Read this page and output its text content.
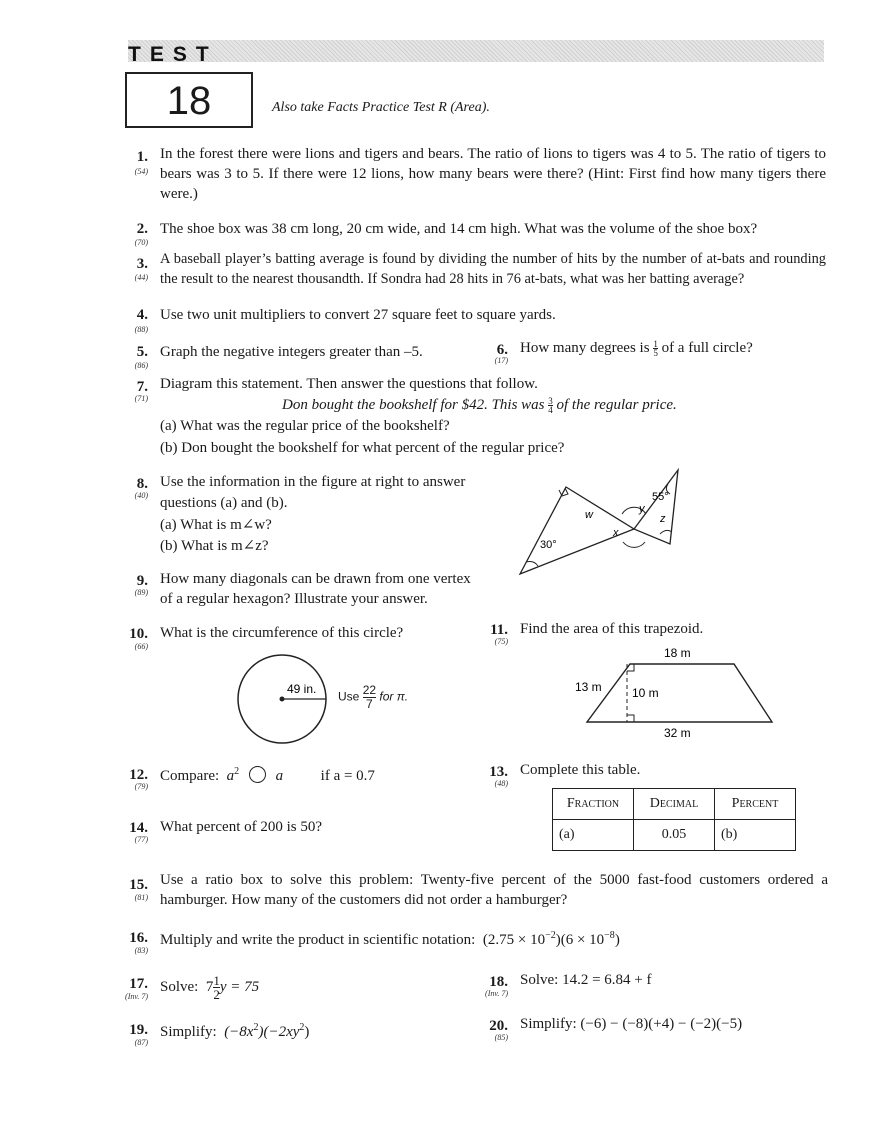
TEST
18	Also take Facts Practice Test R (Area).
1.
(54)
In the forest there were lions and tigers and bears. The ratio of lions to tigers was 4 to 5. The ratio of tigers to bears was 3 to 5. If there were 12 lions, how many bears were there? (Hint: First find how many tigers there were.)
2.
(70)
The shoe box was 38 cm long, 20 cm wide, and 14 cm high. What was the volume of the shoe box?
3.
(44)
A baseball player’s batting average is found by dividing the number of hits by the number of at-bats and rounding the result to the nearest thousandth. If Sondra had 28 hits in 76 at-bats, what was her batting average?
4.
(88)
Use two unit multipliers to convert 27 square feet to square yards.
5.
(86)
Graph the negative integers greater than –5.	6.
(17)
How many degrees is $\frac{1}{5}$ of a full circle?
7.
(71)
Diagram this statement. Then answer the questions that follow.
Don bought the bookshelf for $42. This was $\frac{3}{4}$ of the regular price.
(a) What was the regular price of the bookshelf?
(b) Don bought the bookshelf for what percent of the regular price?
8.
(40)
Use the information in the figure at right to answer
questions (a) and (b).
(a) What is m∠w?
(b) What is m∠z?
w	y
z
x
55°
30°
9.
(89)
How many diagonals can be drawn from one vertex
of a regular hexagon? Illustrate your answer.
10.
(66)
What is the circumference of this circle?
49 in.
Use $\frac{22}{7}$ for π.
11.
(75)
Find the area of this trapezoid.
18 m
13 m	10 m
32 m
12.
(79)
Compare: $a^2$ a	if a = 0.7	13.
(48)
Complete this table.
Fraction	Decimal	Percent
(a)	0.05	(b)
14.
(77)
What percent of 200 is 50?
15.
(81)
Use a ratio box to solve this problem: Twenty-five percent of the 5000 fast-food customers ordered a hamburger. How many of the customers did not order a hamburger?
16.
(83)
Multiply and write the product in scientific notation: $(2.75 \times 10^{-2})(6 \times 10^{-8})$
17.
(Inv. 7)
Solve: $7 \frac{1}{2}$ y = 75	18.
(Inv. 7)
Solve: 14.2 = 6.84 + f
19.
(87)
Simplify: $(-8x^2)(-2xy^2)$	20.
(85)
Simplify: (−6) − (−8)(+4) − (−2)(−5)
